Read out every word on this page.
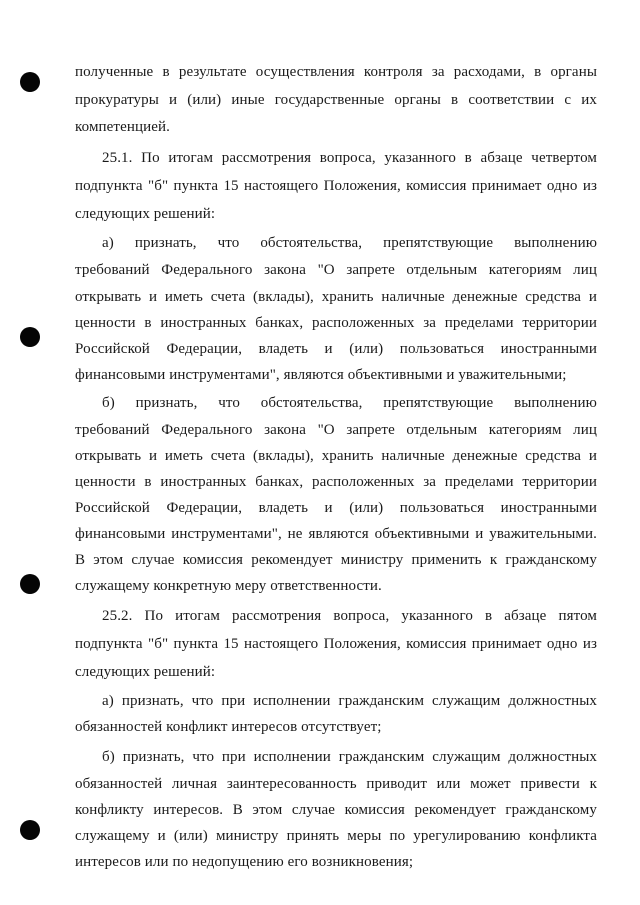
полученные в результате осуществления контроля за расходами, в органы
прокуратуры и (или) иные государственные органы в соответствии с их
компетенцией.
25.1. По итогам рассмотрения вопроса, указанного в абзаце четвертом
подпункта "б" пункта 15 настоящего Положения, комиссия принимает одно из
следующих решений:
а) признать, что обстоятельства, препятствующие выполнению
требований Федерального закона "О запрете отдельным категориям лиц
открывать и иметь счета (вклады), хранить наличные денежные средства и
ценности в иностранных банках, расположенных за пределами территории
Российской Федерации, владеть и (или) пользоваться иностранными
финансовыми инструментами", являются объективными и уважительными;
б) признать, что обстоятельства, препятствующие выполнению
требований Федерального закона "О запрете отдельным категориям лиц
открывать и иметь счета (вклады), хранить наличные денежные средства и
ценности в иностранных банках, расположенных за пределами территории
Российской Федерации, владеть и (или) пользоваться иностранными
финансовыми инструментами", не являются объективными и уважительными.
В этом случае комиссия рекомендует министру применить к гражданскому
служащему конкретную меру ответственности.
25.2. По итогам рассмотрения вопроса, указанного в абзаце пятом
подпункта "б" пункта 15 настоящего Положения, комиссия принимает одно из
следующих решений:
а) признать, что при исполнении гражданским служащим должностных
обязанностей конфликт интересов отсутствует;
б) признать, что при исполнении гражданским служащим должностных
обязанностей личная заинтересованность приводит или может привести к
конфликту интересов. В этом случае комиссия рекомендует гражданскому
служащему и (или) министру принять меры по урегулированию конфликта
интересов или по недопущению его возникновения;
